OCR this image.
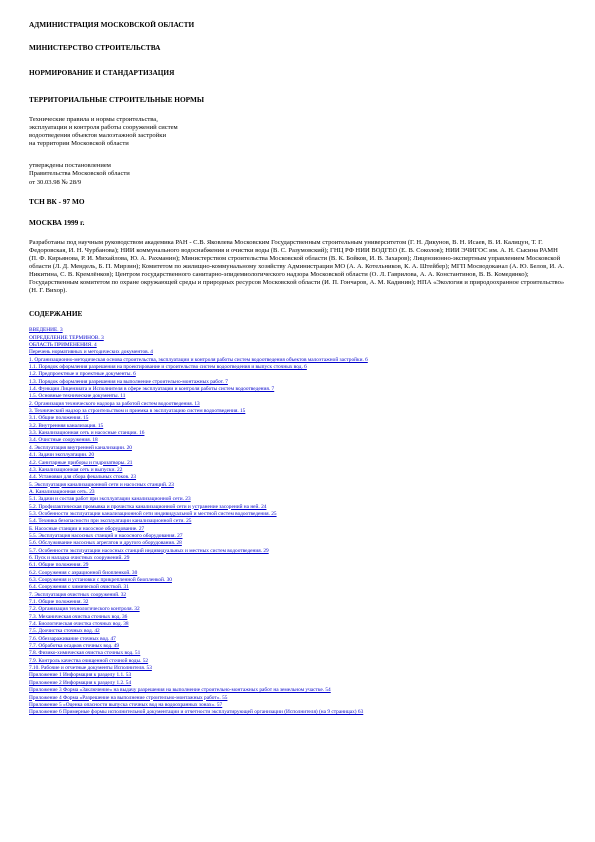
АДМИНИСТРАЦИЯ МОСКОВСКОЙ ОБЛАСТИ

МИНИСТЕРСТВО СТРОИТЕЛЬСТВА

НОРМИРОВАНИЕ И СТАНДАРТИЗАЦИЯ

ТЕРРИТОРИАЛЬНЫЕ СТРОИТЕЛЬНЫЕ НОРМЫ

Технические правила и нормы строительства,

эксплуатации и контроля работы сооружений систем

водоотведения объектов малоэтажной застройки

на территории Московской области

утверждены постановлением

Правительства Московской области

от 30.03.98 № 28/9

ТСН ВК - 97 МО

МОСКВА 1999 г.

Разработаны под научным руководством академика РАН - С.В. Яковлева Московским Государственным строительным университетом (Г. Н. Дикунов, В. Н. Исаев, В. И. Калицун, Т. Г. Федоровская, И. Н. Чурбанова); НИИ коммунального водоснабжения и очистки воды (В. С. Разумовский); ГНЦ РФ НИИ ВОДГЕО (Е. В. Соколов); НИИ ЭЧИГОС им. А. Н. Сысина РАМН (П. Ф. Кирьянова, Р. И. Михайлова, Ю. А. Рахманин); Министерством строительства Московской области (В. К. Бойков, И. В. Захаров); Лицензионно-экспертным управлением Московской области (Л. Д. Мендель, Б. П. Мирзин); Комитетом по жилищно-коммунальному хозяйству Администрации МО (А. А. Котельников, К. А. Штейбер); МГП Мосводоканал (А. Ю. Белов, И. А. Никитина, С. В. Кремлёнков); Центром государственного санитарно-эпидемиологического надзора Московской области (О. Л. Гаврилова, А. А. Константинов, В. В. Комедянко); Государственным комитетом по охране окружающей среды и природных ресурсов Московской области (И. П. Гончаров, А. М. Кадинин); НПА «Экология и природоохранное строительство» (Н. Г. Вихор).

СОДЕРЖАНИЕ

ВВЕДЕНИЕ. 3
ОПРЕДЕЛЕНИЕ ТЕРМИНОВ. 3
ОБЛАСТЬ ПРИМЕНЕНИЯ. 4
Перечень нормативных и методических документов. 4
1. Организационно-методическая основа строительства, эксплуатации и контроля работы систем водоотведения объектов малоэтажной застройки. 6
1.1. Порядок оформления разрешения на проектирование и строительство систем водоотведения и выпуск сточных вод. 6
1.2. Предпроектные и проектные документы. 6
1.3. Порядок оформления разрешения на выполнение строительно-монтажных работ. 7
1.4. Функции Лицензиата и Исполнителя в сфере эксплуатации и контроля работы систем водоотведения. 7
1.5. Основные технические документы. 11
2. Организация технического надзора за работой систем водоотведения. 13
3. Технический надзор за строительством и приемка в эксплуатацию систем водоотведения. 15
3.1. Общие положения. 15
3.2. Внутренняя канализация. 15
3.3. Канализационная сеть и насосные станции. 16
3.4. Очистные сооружения. 18
4. Эксплуатация внутренней канализации. 20
4.1. Задачи эксплуатации. 20
4.2. Санитарные приборы и гидрозатворы. 21
4.3. Канализационная сеть и выпуски. 22
4.4. Установки для сбора фекальных стоков. 23
5. Эксплуатация канализационной сети и насосных станций. 23
А. Канализационная сеть. 23
5.1. Задачи и состав работ при эксплуатации канализационной сети. 23
5.2. Профилактическая промывка и прочистка канализационной сети и устранение засорений на ней. 24
5.3. Особенности эксплуатации канализационной сети индивидуальной и местной систем водоотведения. 25
5.4. Техника безопасности при эксплуатации канализационной сети. 25
Б. Насосные станции и насосное оборудование. 27
5.5. Эксплуатация насосных станций и насосного оборудования. 27
5.6. Обслуживание насосных агрегатов и другого оборудования. 28
5.7. Особенности эксплуатации насосных станций индивидуальных и местных систем водоотведения. 29
6. Пуск и наладка очистных сооружений. 29
6.1. Общие положения. 29
6.2. Сооружения с аэрационной биопленкой. 30
6.3. Сооружения и установки с прикрепленной биопленкой. 30
6.4. Сооружения с химической очисткой. 31
7. Эксплуатация очистных сооружений. 32
7.1. Общие положения. 32
7.2. Организация технологического контроля. 32
7.3. Механическая очистка сточных вод. 36
7.4. Биологическая очистка сточных вод. 38
7.5. Доочистка сточных вод. 42
7.6. Обеззараживание сточных вод. 47
7.7. Обработка осадков сточных вод. 49
7.8. Физико-химическая очистка сточных вод. 51
7.9. Контроль качества очищенной сточной воды. 52
7.10. Рабочие и отчетные документы Исполнителя. 53
Приложение 1 Информация к разделу 1.1. 53
Приложение 2 Информация к разделу 1.2. 54
Приложение 3 Форма «Заключение» на выдачу разрешения на выполнение строительно-монтажных работ на земельном участке. 54
Приложение 4 Форма «Разрешение на выполнение строительно-монтажных работ». 55
Приложение 5 «Оценка опасности выпуска сточных вод на водоохранных зонах». 57
Приложение 6 Примерные формы исполнительной документации и отчетности эксплуатирующей организации (Исполнителя) (на 9 страницах) 63
